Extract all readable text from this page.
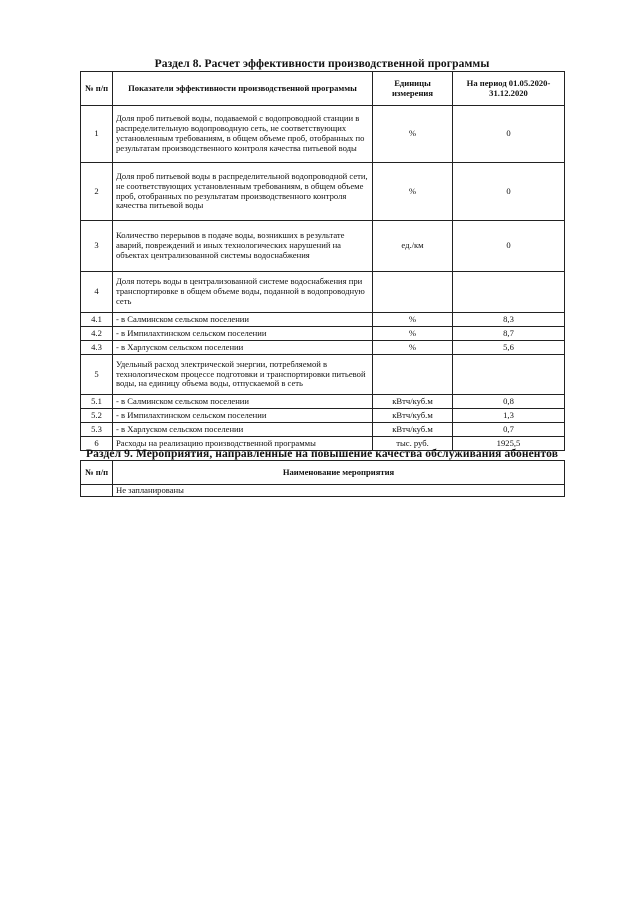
Раздел 8. Расчет эффективности производственной программы
№ п/п	Показатели эффективности производственной программы	Единицы измерения	На период 01.05.2020-31.12.2020
1	Доля проб питьевой воды, подаваемой с водопроводной станции в распределительную водопроводную сеть, не соответствующих установленным требованиям, в общем объеме проб, отобранных по результатам производственного контроля качества питьевой воды	%	0
2	Доля проб питьевой воды в распределительной водопроводной сети, не соответствующих установленным требованиям, в общем объеме проб, отобранных по результатам производственного контроля качества питьевой воды	%	0
3	Количество перерывов в подаче воды, возникших в результате аварий, повреждений и иных технологических нарушений на объектах централизованной системы водоснабжения	ед./км	0
4	Доля потерь воды в централизованной системе водоснабжения при транспортировке в общем объеме воды, поданной в водопроводную сеть		
4.1	- в Салминском сельском поселении	%	8,3
4.2	- в Импилахтинском сельском поселении	%	8,7
4.3	- в Харлуском сельском поселении	%	5,6
5	Удельный расход электрической энергии, потребляемой в технологическом процессе подготовки и транспортировки питьевой воды, на единицу объема воды, отпускаемой в сеть		
5.1	- в Салминском сельском поселении	кВтч/куб.м	0,8
5.2	- в Импилахтинском сельском поселении	кВтч/куб.м	1,3
5.3	- в Харлуском сельском поселении	кВтч/куб.м	0,7
6	Расходы на реализацию производственной программы	тыс. руб.	1925,5
Раздел 9. Мероприятия, направленные на повышение качества обслуживания абонентов
№ п/п	Наименование мероприятия
	Не запланированы
